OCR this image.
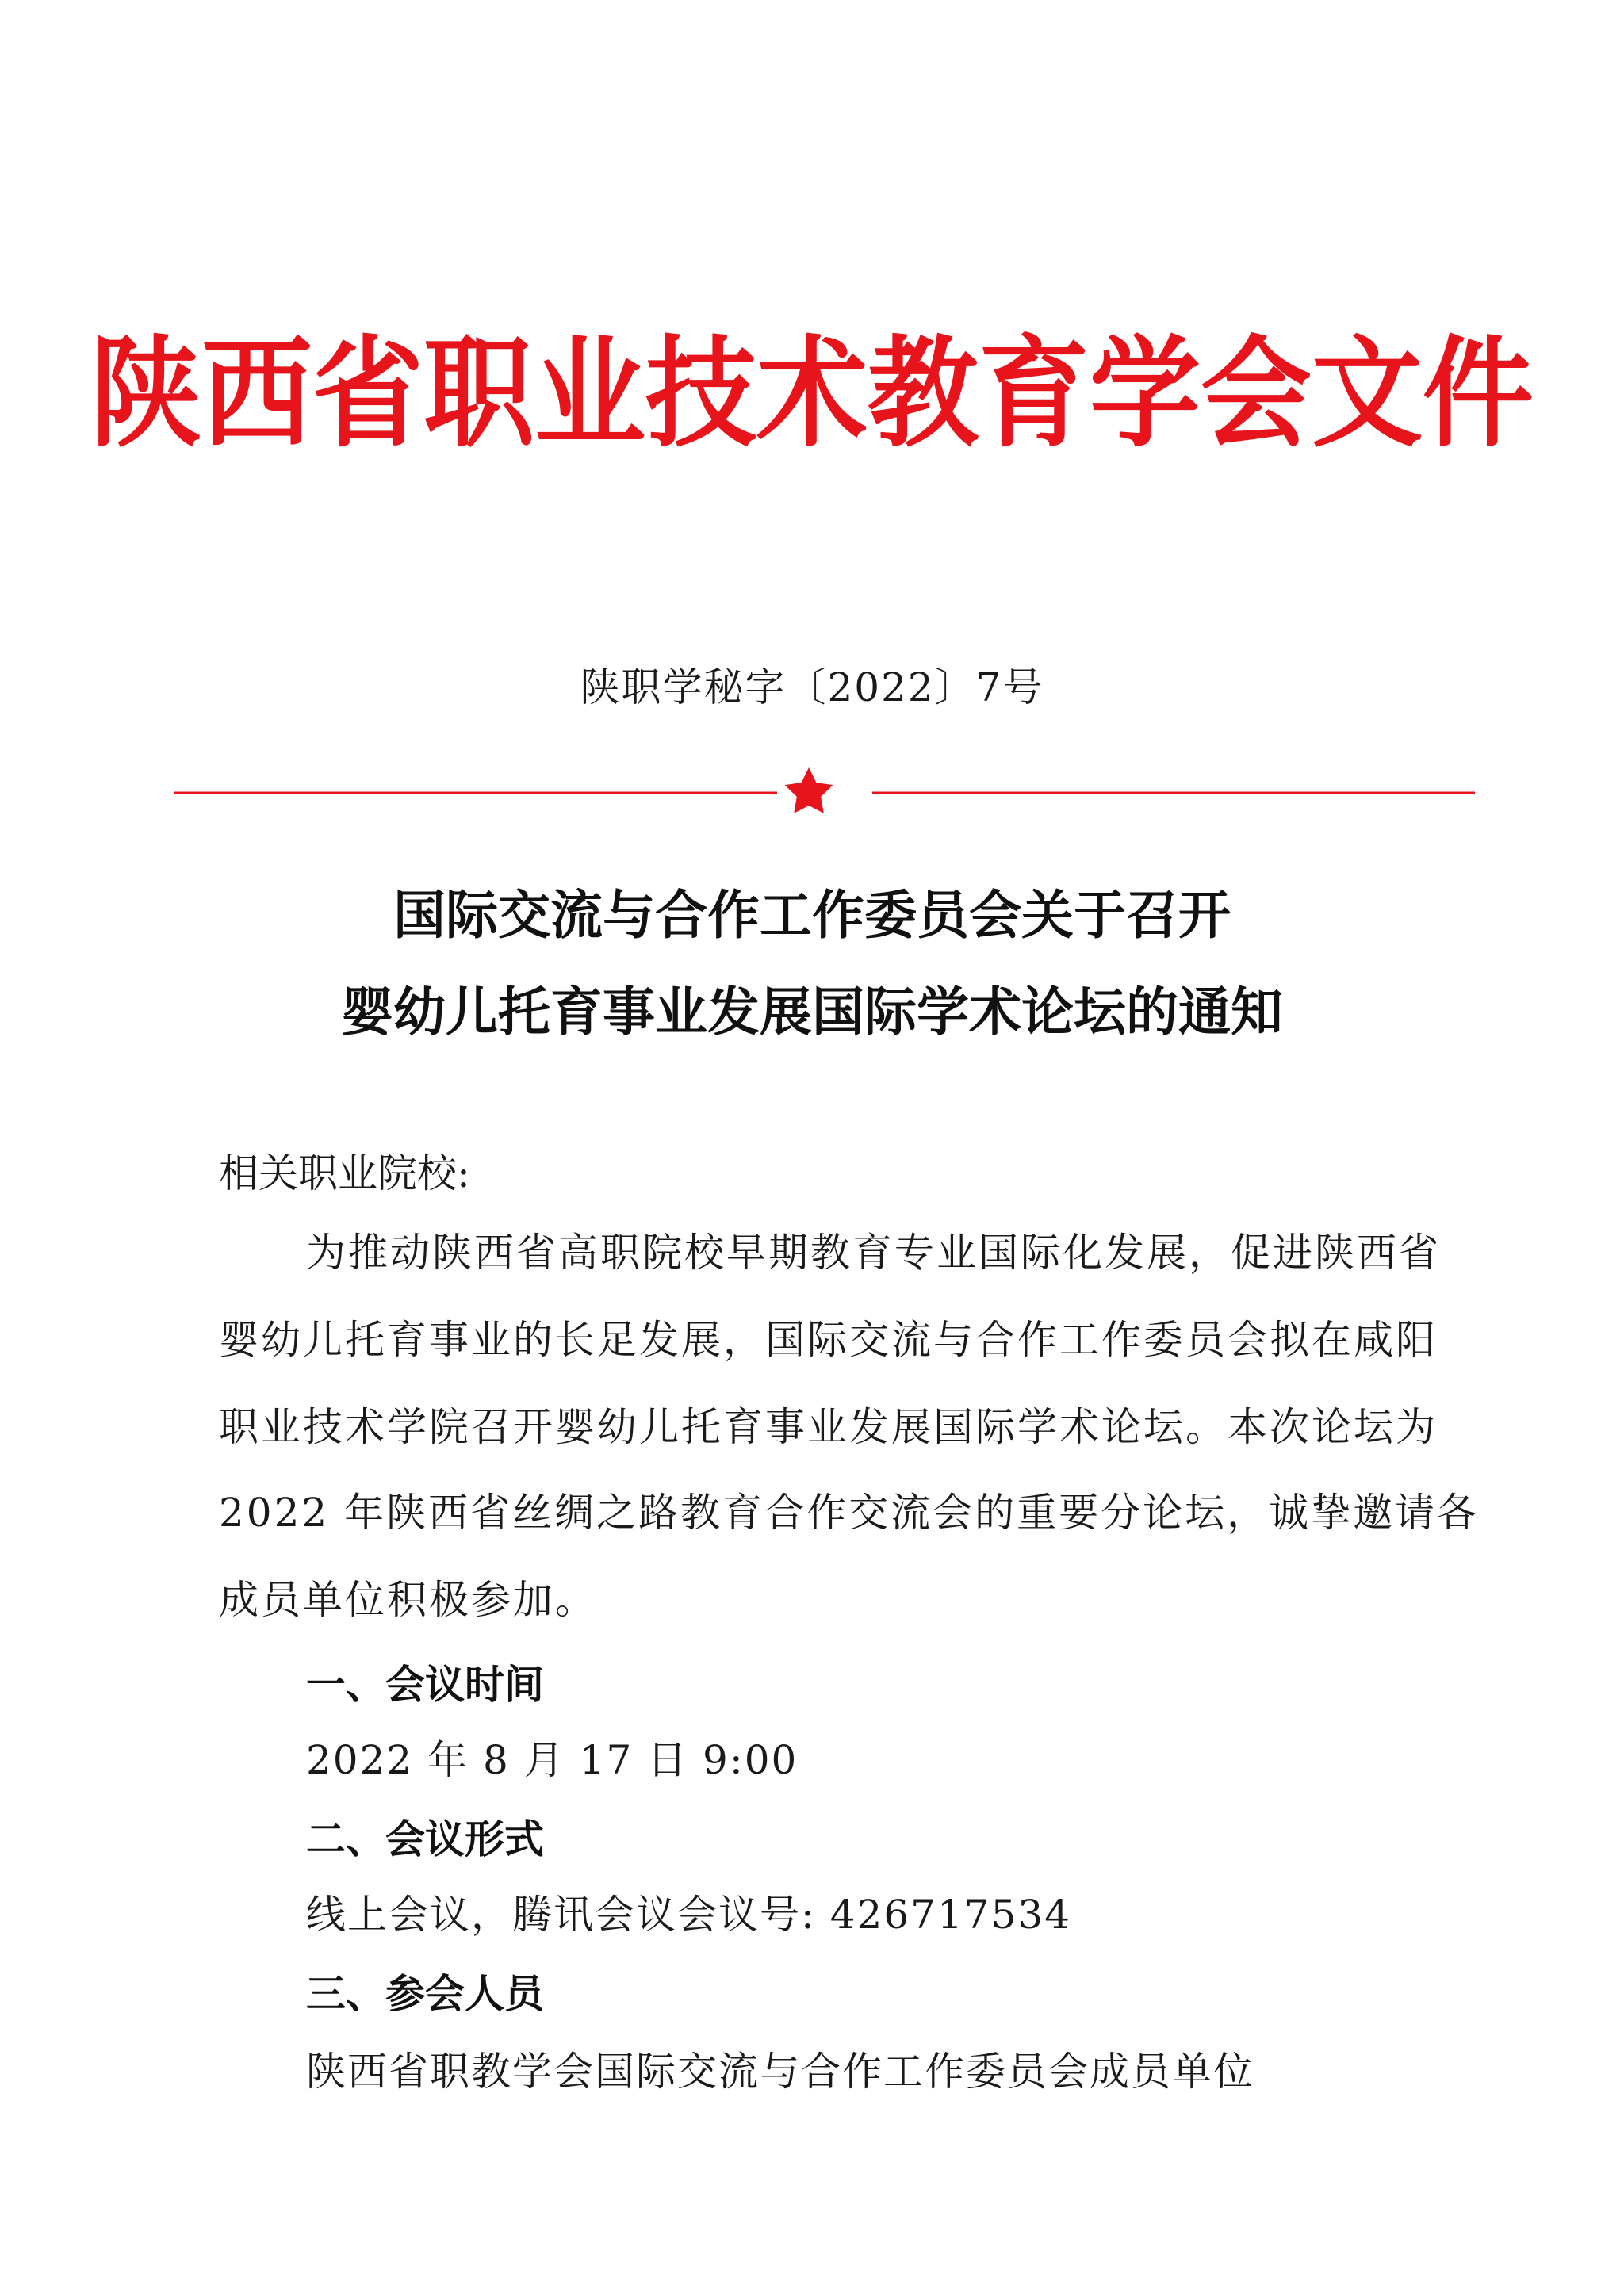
陕西省职业技术教育学会文件
陕职学秘字〔2022〕7号
国际交流与合作工作委员会关于召开
婴幼儿托育事业发展国际学术论坛的通知
相关职业院校:
为推动陕西省高职院校早期教育专业国际化发展，促进陕西省
婴幼儿托育事业的长足发展，国际交流与合作工作委员会拟在咸阳
职业技术学院召开婴幼儿托育事业发展国际学术论坛。本次论坛为
2022 年陕西省丝绸之路教育合作交流会的重要分论坛，诚挚邀请各
成员单位积极参加。
一、会议时间
2022 年 8 月 17 日 9:00
二、会议形式
线上会议，腾讯会议会议号: 426717534
三、参会人员
陕西省职教学会国际交流与合作工作委员会成员单位
